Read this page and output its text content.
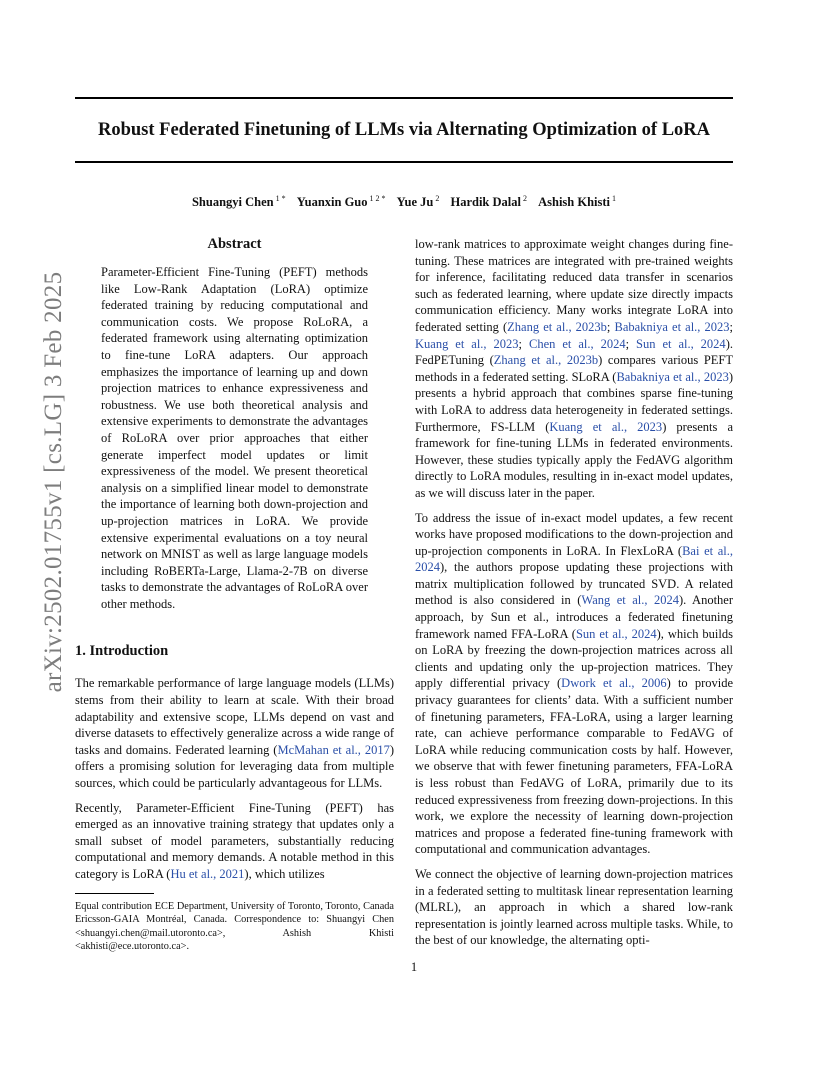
Robust Federated Finetuning of LLMs via Alternating Optimization of LoRA
Shuangyi Chen $^{1 *}$ Yuanxin Guo $^{1 2 *}$ Yue Ju $^2$ Hardik Dalal $^2$ Ashish Khisti $^1$
arXiv:2502.01755v1 [cs.LG] 3 Feb 2025
Abstract

Parameter-Efficient Fine-Tuning (PEFT) methods like Low-Rank Adaptation (LoRA) optimize federated training by reducing computational and communication costs. We propose RoLoRA, a federated framework using alternating optimization to fine-tune LoRA adapters. Our approach emphasizes the importance of learning up and down projection matrices to enhance expressiveness and robustness. We use both theoretical analysis and extensive experiments to demonstrate the advantages of RoLoRA over prior approaches that either generate imperfect model updates or limit expressiveness of the model. We present theoretical analysis on a simplified linear model to demonstrate the importance of learning both down-projection and up-projection matrices in LoRA. We provide extensive experimental evaluations on a toy neural network on MNIST as well as large language models including RoBERTa-Large, Llama-2-7B on diverse tasks to demonstrate the advantages of RoLoRA over other methods.

1. Introduction

The remarkable performance of large language models (LLMs) stems from their ability to learn at scale. With their broad adaptability and extensive scope, LLMs depend on vast and diverse datasets to effectively generalize across a wide range of tasks and domains. Federated learning (McMahan et al., 2017) offers a promising solution for leveraging data from multiple sources, which could be particularly advantageous for LLMs.

Recently, Parameter-Efficient Fine-Tuning (PEFT) has emerged as an innovative training strategy that updates only a small subset of model parameters, substantially reducing computational and memory demands. A notable method in this category is LoRA (Hu et al., 2021), which utilizes

Equal contribution ECE Department, University of Toronto, Toronto, Canada Ericsson-GAIA Montréal, Canada. Correspondence to: Shuangyi Chen <shuangyi.chen@mail.utoronto.ca>, Ashish Khisti <akhisti@ece.utoronto.ca>.

low-rank matrices to approximate weight changes during fine-tuning. These matrices are integrated with pre-trained weights for inference, facilitating reduced data transfer in scenarios such as federated learning, where update size directly impacts communication efficiency. Many works integrate LoRA into federated setting (Zhang et al., 2023b; Babakniya et al., 2023; Kuang et al., 2023; Chen et al., 2024; Sun et al., 2024). FedPETuning (Zhang et al., 2023b) compares various PEFT methods in a federated setting. SLoRA (Babakniya et al., 2023) presents a hybrid approach that combines sparse fine-tuning with LoRA to address data heterogeneity in federated settings. Furthermore, FS-LLM (Kuang et al., 2023) presents a framework for fine-tuning LLMs in federated environments. However, these studies typically apply the FedAVG algorithm directly to LoRA modules, resulting in in-exact model updates, as we will discuss later in the paper.

To address the issue of in-exact model updates, a few recent works have proposed modifications to the down-projection and up-projection components in LoRA. In FlexLoRA (Bai et al., 2024), the authors propose updating these projections with matrix multiplication followed by truncated SVD. A related method is also considered in (Wang et al., 2024). Another approach, by Sun et al., introduces a federated finetuning framework named FFA-LoRA (Sun et al., 2024), which builds on LoRA by freezing the down-projection matrices across all clients and updating only the up-projection matrices. They apply differential privacy (Dwork et al., 2006) to provide privacy guarantees for clients’ data. With a sufficient number of finetuning parameters, FFA-LoRA, using a larger learning rate, can achieve performance comparable to FedAVG of LoRA while reducing communication costs by half. However, we observe that with fewer finetuning parameters, FFA-LoRA is less robust than FedAVG of LoRA, primarily due to its reduced expressiveness from freezing down-projections. In this work, we explore the necessity of learning down-projection matrices and propose a federated fine-tuning framework with computational and communication advantages.

We connect the objective of learning down-projection matrices in a federated setting to multitask linear representation learning (MLRL), an approach in which a shared low-rank representation is jointly learned across multiple tasks. While, to the best of our knowledge, the alternating opti-

1
